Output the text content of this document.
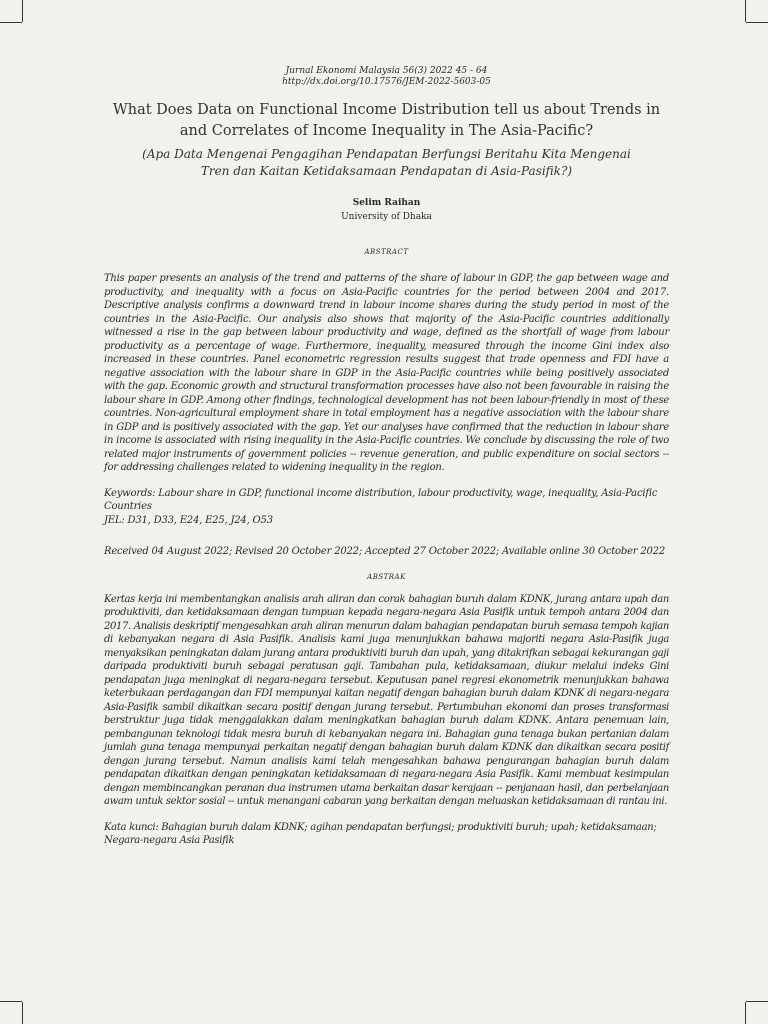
Jurnal Ekonomi Malaysia 56(3) 2022 45 - 64
http://dx.doi.org/10.17576/JEM-2022-5603-05
What Does Data on Functional Income Distribution tell us about Trends in and Correlates of Income Inequality in The Asia-Pacific?
(Apa Data Mengenai Pengagihan Pendapatan Berfungsi Beritahu Kita Mengenai Tren dan Kaitan Ketidaksamaan Pendapatan di Asia-Pasifik?)
Selim Raihan
University of Dhaka
ABSTRACT
This paper presents an analysis of the trend and patterns of the share of labour in GDP, the gap between wage and productivity, and inequality with a focus on Asia-Pacific countries for the period between 2004 and 2017. Descriptive analysis confirms a downward trend in labour income shares during the study period in most of the countries in the Asia-Pacific. Our analysis also shows that majority of the Asia-Pacific countries additionally witnessed a rise in the gap between labour productivity and wage, defined as the shortfall of wage from labour productivity as a percentage of wage. Furthermore, inequality, measured through the income Gini index also increased in these countries. Panel econometric regression results suggest that trade openness and FDI have a negative association with the labour share in GDP in the Asia-Pacific countries while being positively associated with the gap. Economic growth and structural transformation processes have also not been favourable in raising the labour share in GDP. Among other findings, technological development has not been labour-friendly in most of these countries. Non-agricultural employment share in total employment has a negative association with the labour share in GDP and is positively associated with the gap. Yet our analyses have confirmed that the reduction in labour share in income is associated with rising inequality in the Asia-Pacific countries. We conclude by discussing the role of two related major instruments of government policies -- revenue generation, and public expenditure on social sectors -- for addressing challenges related to widening inequality in the region.
Keywords: Labour share in GDP, functional income distribution, labour productivity, wage, inequality, Asia-Pacific Countries
JEL: D31, D33, E24, E25, J24, O53
Received 04 August 2022; Revised 20 October 2022; Accepted 27 October 2022; Available online 30 October 2022
ABSTRAK
Kertas kerja ini membentangkan analisis arah aliran dan corak bahagian buruh dalam KDNK, jurang antara upah dan produktiviti, dan ketidaksamaan dengan tumpuan kepada negara-negara Asia Pasifik untuk tempoh antara 2004 dan 2017. Analisis deskriptif mengesahkan arah aliran menurun dalam bahagian pendapatan buruh semasa tempoh kajian di kebanyakan negara di Asia Pasifik. Analisis kami juga menunjukkan bahawa majoriti negara Asia-Pasifik juga menyaksikan peningkatan dalam jurang antara produktiviti buruh dan upah, yang ditakrifkan sebagai kekurangan gaji daripada produktiviti buruh sebagai peratusan gaji. Tambahan pula, ketidaksamaan, diukur melalui indeks Gini pendapatan juga meningkat di negara-negara tersebut. Keputusan panel regresi ekonometrik menunjukkan bahawa keterbukaan perdagangan dan FDI mempunyai kaitan negatif dengan bahagian buruh dalam KDNK di negara-negara Asia-Pasifik sambil dikaitkan secara positif dengan jurang tersebut. Pertumbuhan ekonomi dan proses transformasi berstruktur juga tidak menggalakkan dalam meningkatkan bahagian buruh dalam KDNK. Antara penemuan lain, pembangunan teknologi tidak mesra buruh di kebanyakan negara ini. Bahagian guna tenaga bukan pertanian dalam jumlah guna tenaga mempunyai perkaitan negatif dengan bahagian buruh dalam KDNK dan dikaitkan secara positif dengan jurang tersebut. Namun analisis kami telah mengesahkan bahawa pengurangan bahagian buruh dalam pendapatan dikaitkan dengan peningkatan ketidaksamaan di negara-negara Asia Pasifik. Kami membuat kesimpulan dengan membincangkan peranan dua instrumen utama berkaitan dasar kerajaan -- penjanaan hasil, dan perbelanjaan awam untuk sektor sosial -- untuk menangani cabaran yang berkaitan dengan meluaskan ketidaksamaan di rantau ini.
Kata kunci: Bahagian buruh dalam KDNK; agihan pendapatan berfungsi; produktiviti buruh; upah; ketidaksamaan; Negara-negara Asia Pasifik
